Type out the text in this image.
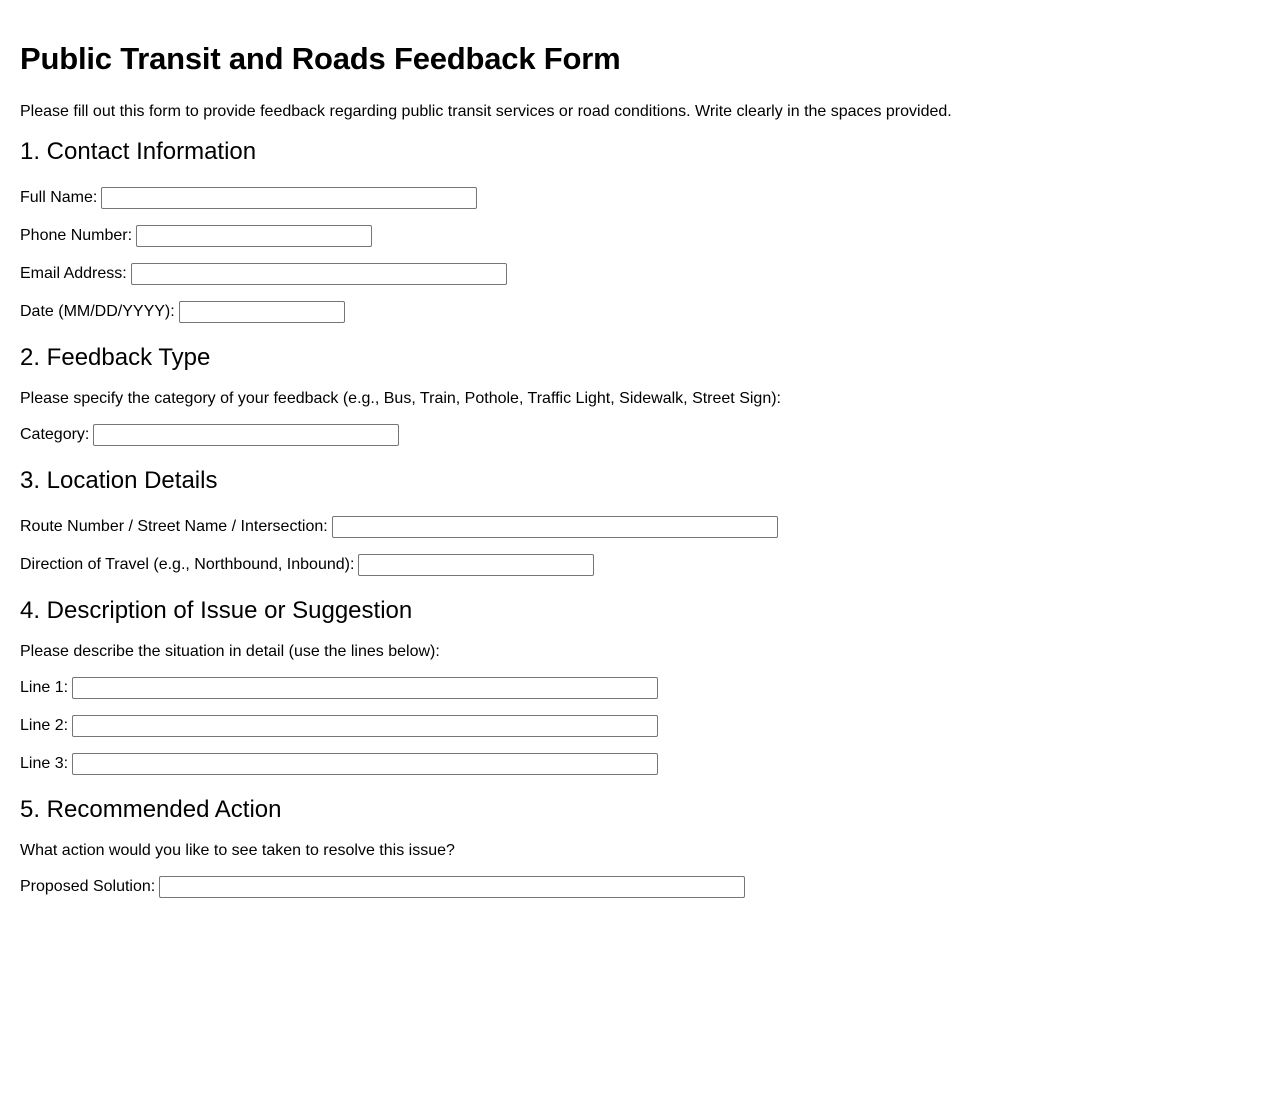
Public Transit and Roads Feedback Form

Please fill out this form to provide feedback regarding public transit services or road conditions. Write clearly in the spaces provided.

1. Contact Information
Full Name:
Phone Number:
Email Address:
Date (MM/DD/YYYY):
2. Feedback Type

Please specify the category of your feedback (e.g., Bus, Train, Pothole, Traffic Light, Sidewalk, Street Sign):

Category:
3. Location Details
Route Number / Street Name / Intersection:
Direction of Travel (e.g., Northbound, Inbound):
4. Description of Issue or Suggestion

Please describe the situation in detail (use the lines below):

Line 1:
Line 2:
Line 3:
5. Recommended Action

What action would you like to see taken to resolve this issue?

Proposed Solution:
